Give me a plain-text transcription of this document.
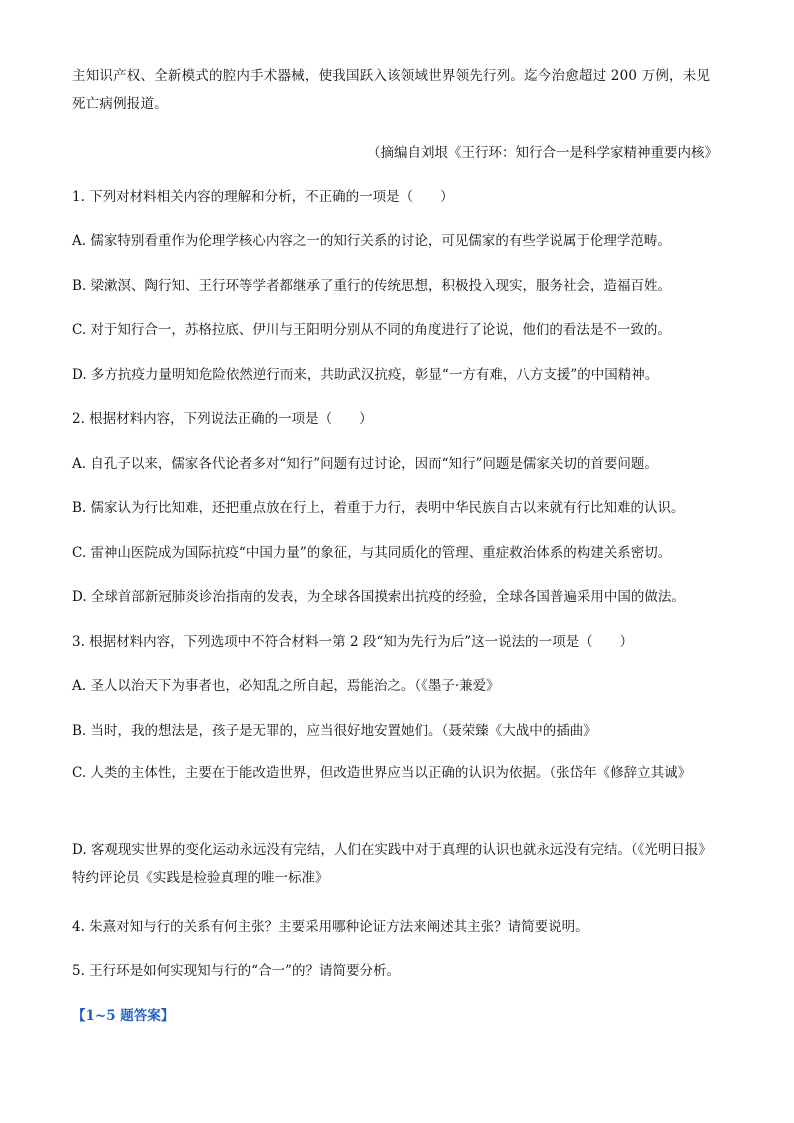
主知识产权、全新模式的腔内手术器械，使我国跃入该领域世界领先行列。迄今治愈超过 200 万例，未见死亡病例报道。

（摘编自刘垠《王行环：知行合一是科学家精神重要内核》

1. 下列对材料相关内容的理解和分析，不正确的一项是（　　）

A. 儒家特别看重作为伦理学核心内容之一的知行关系的讨论，可见儒家的有些学说属于伦理学范畴。

B. 梁漱溟、陶行知、王行环等学者都继承了重行的传统思想，积极投入现实，服务社会，造福百姓。

C. 对于知行合一，苏格拉底、伊川与王阳明分别从不同的角度进行了论说，他们的看法是不一致的。

D. 多方抗疫力量明知危险依然逆行而来，共助武汉抗疫，彰显“一方有难，八方支援”的中国精神。

2. 根据材料内容，下列说法正确的一项是（　　）

A. 自孔子以来，儒家各代论者多对“知行”问题有过讨论，因而“知行”问题是儒家关切的首要问题。

B. 儒家认为行比知难，还把重点放在行上，着重于力行，表明中华民族自古以来就有行比知难的认识。

C. 雷神山医院成为国际抗疫“中国力量”的象征，与其同质化的管理、重症救治体系的构建关系密切。

D. 全球首部新冠肺炎诊治指南的发表，为全球各国摸索出抗疫的经验，全球各国普遍采用中国的做法。

3. 根据材料内容，下列选项中不符合材料一第 2 段“知为先行为后”这一说法的一项是（　　）

A. 圣人以治天下为事者也，必知乱之所自起，焉能治之。（《墨子·兼爱》

B. 当时，我的想法是，孩子是无罪的，应当很好地安置她们。（聂荣臻《大战中的插曲》

C. 人类的主体性，主要在于能改造世界，但改造世界应当以正确的认识为依据。（张岱年《修辞立其诚》

D. 客观现实世界的变化运动永远没有完结，人们在实践中对于真理的认识也就永远没有完结。（《光明日报》特约评论员《实践是检验真理的唯一标准》

4. 朱熹对知与行的关系有何主张？主要采用哪种论证方法来阐述其主张？请简要说明。

5. 王行环是如何实现知与行的“合一”的？请简要分析。

【1~5 题答案】
